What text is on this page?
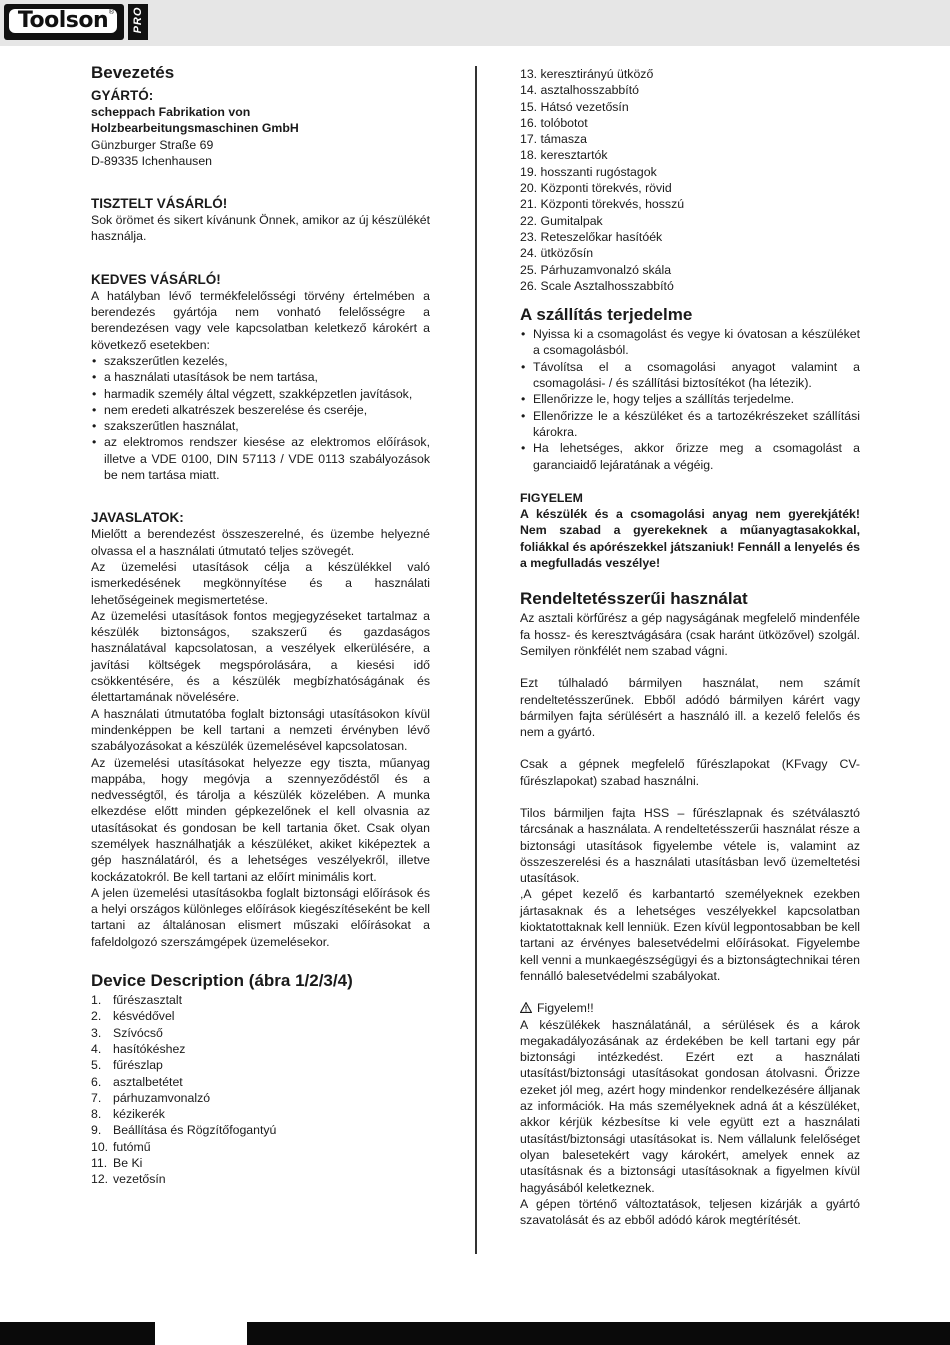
Toolson ® PRO
Bevezetés
GYÁRTÓ:

scheppach Fabrikation von

Holzbearbeitungsmaschinen GmbH

Günzburger Straße 69

D-89335 Ichenhausen

TISZTELT VÁSÁRLÓ!

Sok örömet és sikert kívánunk Önnek, amikor az új készülékét használja.

KEDVES VÁSÁRLÓ!

A hatályban lévő termékfelelősségi törvény értelmében a berendezés gyártója nem vonható felelősségre a berendezésen vagy vele kapcsolatban keletkező károkért a következő esetekben:

• szakszerűtlen kezelés,
• a használati utasítások be nem tartása,
• harmadik személy által végzett, szakképzetlen javítások,
• nem eredeti alkatrészek beszerelése és cseréje,
• szakszerűtlen használat,
• az elektromos rendszer kiesése az elektromos előírások, illetve a VDE 0100, DIN 57113 / VDE 0113 szabályozások be nem tartása miatt.
JAVASLATOK:

Mielőtt a berendezést összeszerelné, és üzembe helyezné olvassa el a használati útmutató teljes szövegét.

Az üzemelési utasítások célja a készülékkel való ismerkedésének megkönnyítése és a használati lehetőségeinek megismertetése.

Az üzemelési utasítások fontos megjegyzéseket tartalmaz a készülék biztonságos, szakszerű és gazdaságos használatával kapcsolatosan, a veszélyek elkerülésére, a javítási költségek megspórolására, a kiesési idő csökkentésére, és a készülék megbízhatóságának és élettartamának növelésére.

A használati útmutatóba foglalt biztonsági utasításokon kívül mindenképpen be kell tartani a nemzeti érvényben lévő szabályozásokat a készülék üzemelésével kapcsolatosan.

Az üzemelési utasításokat helyezze egy tiszta, műanyag mappába, hogy megóvja a szennyeződéstől és a nedvességtől, és tárolja a készülék közelében. A munka elkezdése előtt minden gépkezelőnek el kell olvasnia az utasításokat és gondosan be kell tartania őket. Csak olyan személyek használhatják a készüléket, akiket kiképeztek a gép használatáról, és a lehetséges veszélyekről, illetve kockázatokról. Be kell tartani az előírt minimális kort.

A jelen üzemelési utasításokba foglalt biztonsági előírások és a helyi országos különleges előírások kiegészítéseként be kell tartani az általánosan elismert műszaki előírásokat a fafeldolgozó szerszámgépek üzemelésekor.

Device Description (ábra 1/2/3/4)
1. fűrészasztalt
2. késvédővel
3. Szívócső
4. hasítókéshez
5. fűrészlap
6. asztalbetétet
7. párhuzamvonalzó
8. kézikerék
9. Beállítása és Rögzítőfogantyú
10. futómű
11. Be Ki
12. vezetősín

13. keresztirányú ütköző

14. asztalhosszabbító

15. Hátsó vezetősín

16. tolóbotot

17. támasza

18. keresztartók

19. hosszanti rugóstagok

20. Központi törekvés, rövid

21. Központi törekvés, hosszú

22. Gumitalpak

23. Reteszelőkar hasítóék

24. ütközősín

25. Párhuzamvonalzó skála

26. Scale Asztalhosszabbító

A szállítás terjedelme
• Nyissa ki a csomagolást és vegye ki óvatosan a készüléket a csomagolásból.
• Távolítsa el a csomagolási anyagot valamint a csomagolási- / és szállítási biztosítékot (ha létezik).
• Ellenőrizze le, hogy teljes a szállítás terjedelme.
• Ellenőrizze le a készüléket és a tartozékrészeket szállítási károkra.
• Ha lehetséges, akkor őrizze meg a csomagolást a garanciaidő lejáratának a végéig.

FIGYELEM

A készülék és a csomagolási anyag nem gyerekjáték! Nem szabad a gyerekeknek a műanyagtasakokkal, foliákkal és apórészekkel játszaniuk! Fennáll a lenyelés és a megfulladás veszélye!

Rendeltetésszerűi használat

Az asztali körfűrész a gép nagyságának megfelelő mindenféle fa hossz- és keresztvágására (csak haránt ütközővel) szolgál. Semilyen rönkfélét nem szabad vágni.

Ezt túlhaladó bármilyen használat, nem számít rendeltetésszerűnek. Ebből adódó bármilyen kárért vagy bármilyen fajta sérülésért a használó ill. a kezelő felelős és nem a gyártó.

Csak a gépnek megfelelő fűrészlapokat (KFvagy CV-fűrészlapokat) szabad használni.

Tilos bármiljen fajta HSS – fűrészlapnak és szétválasztó tárcsának a használata. A rendeltetésszerűi használat része a biztonsági utasítások figyelembe vétele is, valamint az összeszerelési és a használati utasításban levő üzemeltetési utasítások.

,A gépet kezelő és karbantartó személyeknek ezekben jártasaknak és a lehetséges veszélyekkel kapcsolatban kioktatottaknak kell lenniük. Ezen kívül legpontosabban be kell tartani az érvényes balesetvédelmi előírásokat. Figyelembe kell venni a munkaegészségügyi és a biztonságtechnikai téren fennálló balesetvédelmi szabályokat.

Figyelem!!

A készülékek használatánál, a sérülések és a károk megakadályozásának az érdekében be kell tartani egy pár biztonsági intézkedést. Ezért ezt a használati utasítást/biztonsági utasításokat gondosan átolvasni. Őrizze ezeket jól meg, azért hogy mindenkor rendelkezésére álljanak az információk. Ha más személyeknek adná át a készüléket, akkor kérjük kézbesítse ki vele együtt ezt a használati utasítást/biztonsági utasításokat is. Nem vállalunk felelőséget olyan balesetekért vagy károkért, amelyek ennek az utasításnak és a biztonsági utasításoknak a figyelmen kívül hagyásából keletkeznek.

A gépen történő változtatások, teljesen kizárják a gyártó szavatolását és az ebből adódó károk megtérítését.
